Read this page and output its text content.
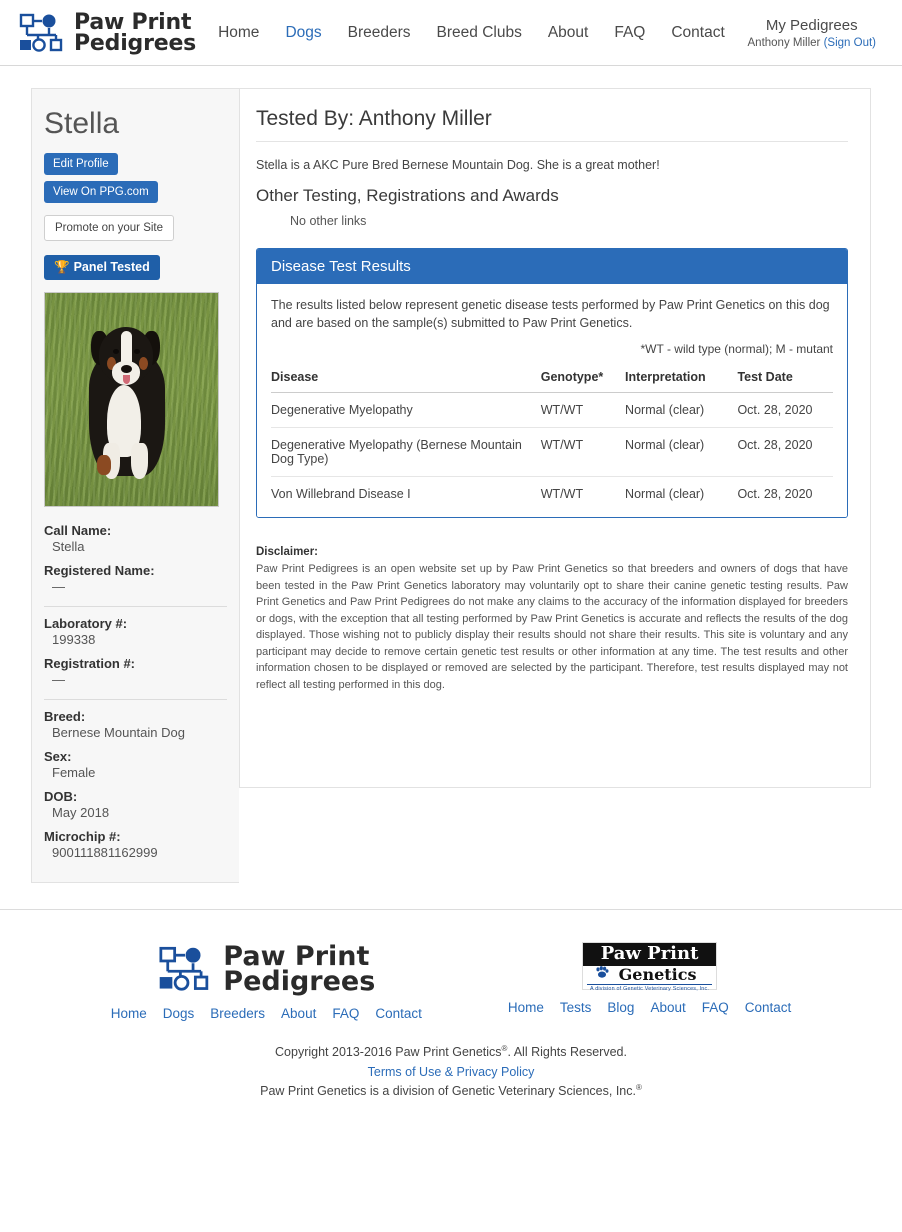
Paw Print
Pedigrees Home Dogs Breeders Breed Clubs About FAQ Contact	My Pedigrees
Anthony Miller (Sign Out)
Stella
Edit Profile
View On PPG.com
Promote on your Site
🏆 Panel Tested
Call Name:
Stella
Registered Name:
—
Laboratory #:
199338
Registration #:
—
Breed:
Bernese Mountain Dog
Sex:
Female
DOB:
May 2018
Microchip #:
900111881162999
Tested By: Anthony Miller

Stella is a AKC Pure Bred Bernese Mountain Dog. She is a great mother!

Other Testing, Registrations and Awards
No other links
Disease Test Results

The results listed below represent genetic disease tests performed by Paw Print Genetics on this dog and are based on the sample(s) submitted to Paw Print Genetics.

*WT - wild type (normal); M - mutant
Disease	Genotype*	Interpretation	Test Date
Degenerative Myelopathy	WT/WT	Normal (clear)	Oct. 28, 2020
Degenerative Myelopathy (Bernese Mountain Dog Type)	WT/WT	Normal (clear)	Oct. 28, 2020
Von Willebrand Disease I	WT/WT	Normal (clear)	Oct. 28, 2020
Disclaimer:
Paw Print Pedigrees is an open website set up by Paw Print Genetics so that breeders and owners of dogs that have been tested in the Paw Print Genetics laboratory may voluntarily opt to share their canine genetic testing results. Paw Print Genetics and Paw Print Pedigrees do not make any claims to the accuracy of the information displayed for breeders or dogs, with the exception that all testing performed by Paw Print Genetics is accurate and reflects the results of the dog displayed. Those wishing not to publicly display their results should not share their results. This site is voluntary and any participant may decide to remove certain genetic test results or other information at any time. The test results and other information chosen to be displayed or removed are selected by the participant. Therefore, test results displayed may not reflect all testing performed in this dog.
Paw Print
Pedigrees
Home Dogs Breeders About FAQ Contact
Paw Print
Genetics
A division of Genetic Veterinary Sciences, Inc.
Home Tests Blog About FAQ Contact
Copyright 2013-2016 Paw Print Genetics®. All Rights Reserved.
Terms of Use & Privacy Policy
Paw Print Genetics is a division of Genetic Veterinary Sciences, Inc.®
